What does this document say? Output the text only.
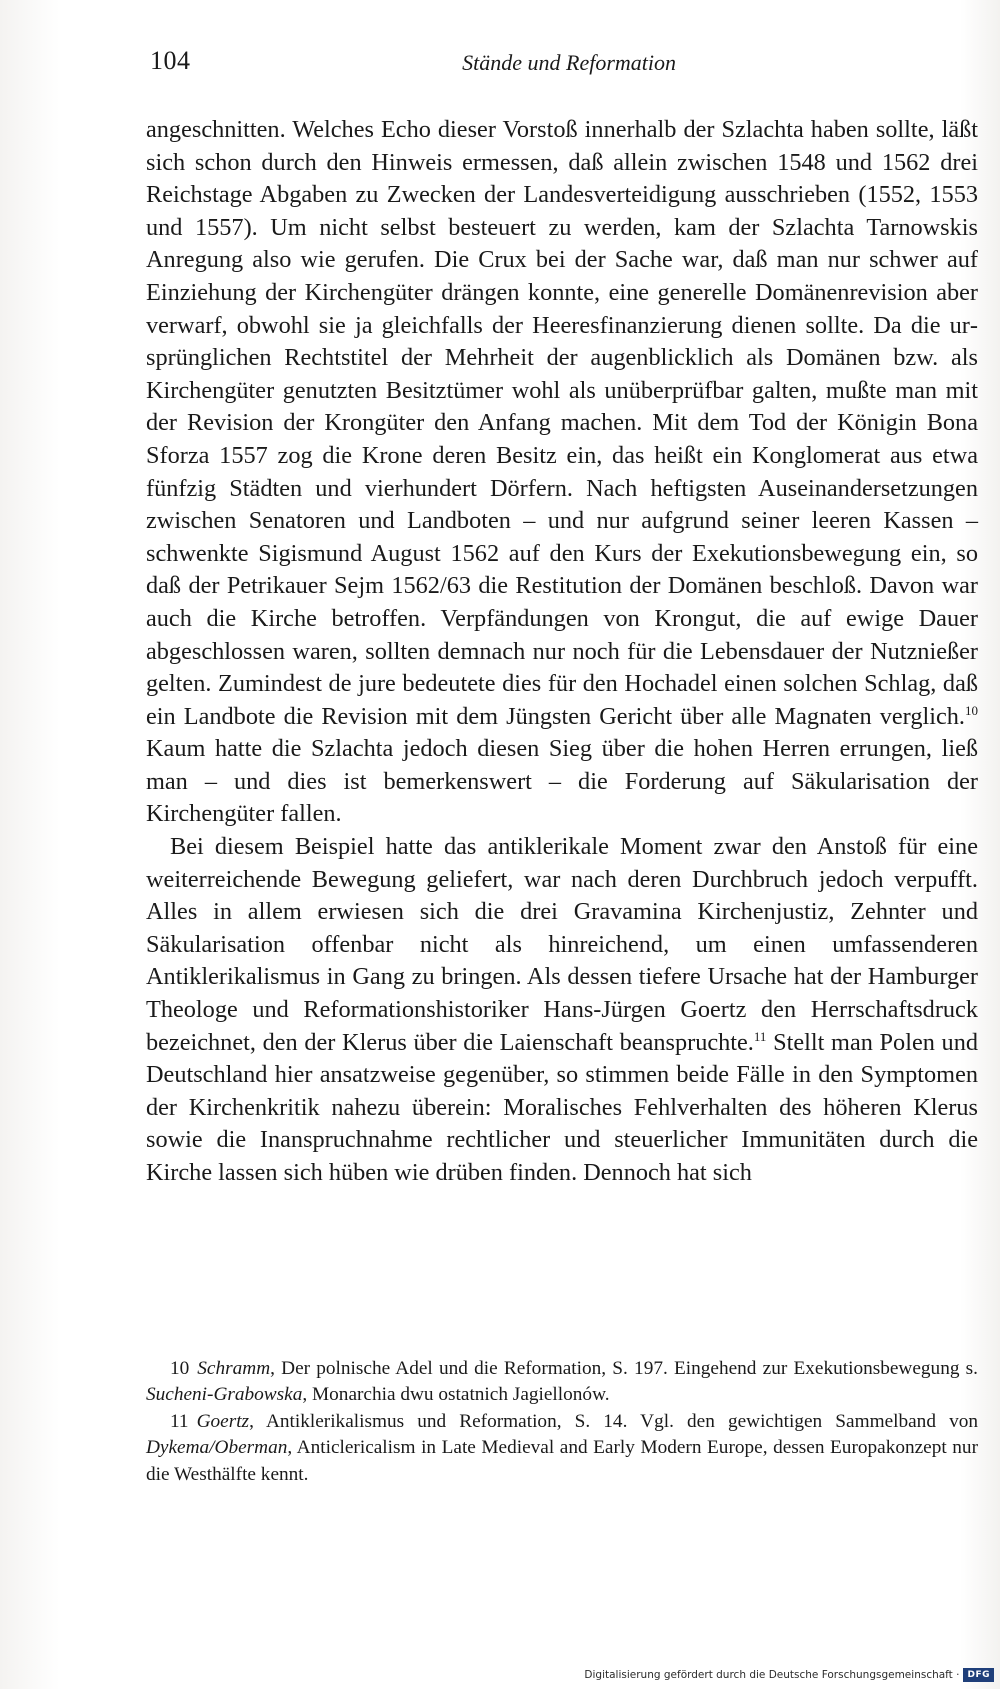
104	Stände und Reformation

angeschnitten. Welches Echo dieser Vorstoß innerhalb der Szlachta haben sollte, läßt sich schon durch den Hinweis ermessen, daß allein zwischen 1548 und 1562 drei Reichstage Abgaben zu Zwecken der Landesverteidigung ausschrieben (1552, 1553 und 1557). Um nicht selbst besteuert zu werden, kam der Szlachta Tarnowskis Anregung also wie gerufen. Die Crux bei der Sache war, daß man nur schwer auf Einziehung der Kirchengüter drängen konnte, eine generelle Domänenrevision aber verwarf, obwohl sie ja gleichfalls der Heeresfinanzierung dienen sollte. Da die ursprünglichen Rechtstitel der Mehrheit der augenblicklich als Domänen bzw. als Kirchengüter genutzten Besitztümer wohl als unüberprüfbar galten, mußte man mit der Revision der Krongüter den Anfang machen. Mit dem Tod der Königin Bona Sforza 1557 zog die Krone deren Besitz ein, das heißt ein Konglomerat aus etwa fünfzig Städten und vierhundert Dörfern. Nach heftigsten Auseinandersetzungen zwischen Senatoren und Landboten – und nur aufgrund seiner leeren Kassen – schwenkte Sigismund August 1562 auf den Kurs der Exekutionsbewegung ein, so daß der Petrikauer Sejm 1562/63 die Restitution der Domänen beschloß. Davon war auch die Kirche betroffen. Verpfändungen von Krongut, die auf ewige Dauer abgeschlossen waren, sollten demnach nur noch für die Lebensdauer der Nutznießer gelten. Zumindest de jure bedeutete dies für den Hochadel einen solchen Schlag, daß ein Landbote die Revision mit dem Jüngsten Gericht über alle Magnaten verglich.$^{10}$ Kaum hatte die Szlachta jedoch diesen Sieg über die hohen Herren errungen, ließ man – und dies ist bemerkenswert – die Forderung auf Säkularisation der Kirchengüter fallen.

Bei diesem Beispiel hatte das antiklerikale Moment zwar den Anstoß für eine weiterreichende Bewegung geliefert, war nach deren Durchbruch jedoch verpufft. Alles in allem erwiesen sich die drei Gravamina Kirchenjustiz, Zehnter und Säkularisation offenbar nicht als hinreichend, um einen umfassenderen Antiklerikalismus in Gang zu bringen. Als dessen tiefere Ursache hat der Hamburger Theologe und Reformationshistoriker Hans-Jürgen Goertz den Herrschaftsdruck bezeichnet, den der Klerus über die Laienschaft beanspruchte.$^{11}$ Stellt man Polen und Deutschland hier ansatzweise gegenüber, so stimmen beide Fälle in den Symptomen der Kirchenkritik nahezu überein: Moralisches Fehlverhalten des höheren Klerus sowie die Inanspruchnahme rechtlicher und steuerlicher Immunitäten durch die Kirche lassen sich hüben wie drüben finden. Dennoch hat sich

10 Schramm, Der polnische Adel und die Reformation, S. 197. Eingehend zur Exekutionsbewegung s. Sucheni-Grabowska, Monarchia dwu ostatnich Jagiellonów.

11 Goertz, Antiklerikalismus und Reformation, S. 14. Vgl. den gewichtigen Sammelband von Dykema/Oberman, Anticlericalism in Late Medieval and Early Modern Europe, dessen Europakonzept nur die Westhälfte kennt.

Digitalisierung gefördert durch die Deutsche Forschungsgemeinschaft · DFG
